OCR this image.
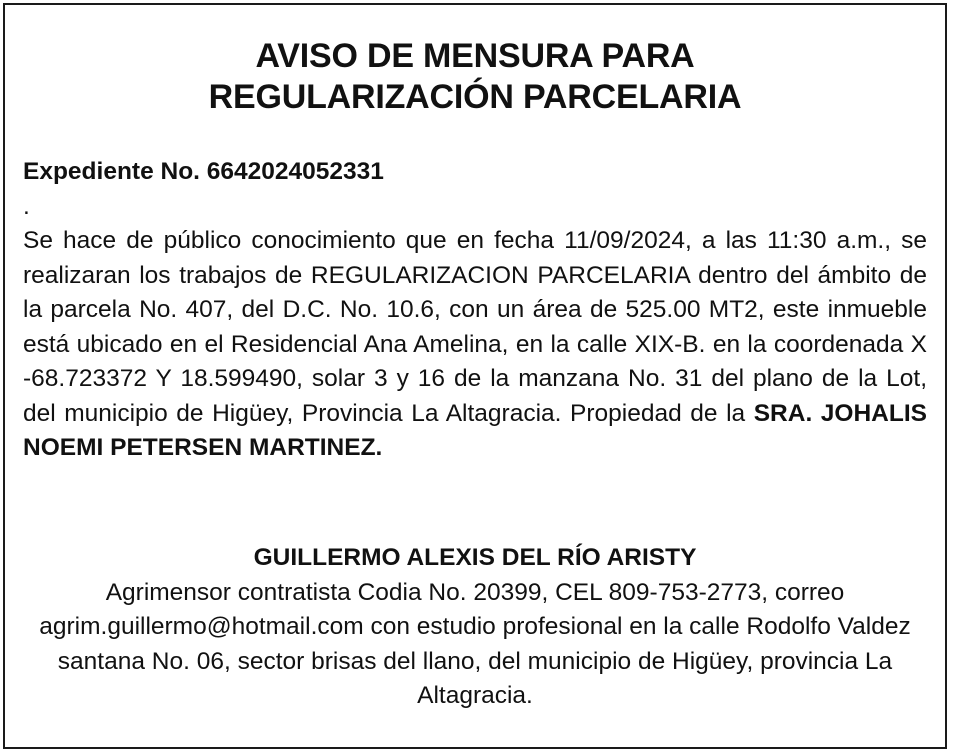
AVISO DE MENSURA PARA
REGULARIZACIÓN PARCELARIA
Expediente No. 6642024052331
.

Se hace de público conocimiento que en fecha 11/09/2024, a las 11:30 a.m., se realizaran los trabajos de REGULARIZACION PARCELARIA dentro del ámbito de la parcela No. 407, del D.C. No. 10.6, con un área de 525.00 MT2, este inmueble está ubicado en el Residencial Ana Amelina, en la calle XIX-B. en la coordenada X -68.723372 Y 18.599490, solar 3 y 16 de la manzana No. 31 del plano de la Lot, del municipio de Higüey, Provincia La Altagracia. Propiedad de la SRA. JOHALIS NOEMI PETERSEN MARTINEZ.

GUILLERMO ALEXIS DEL RÍO ARISTY
Agrimensor contratista Codia No. 20399, CEL 809-753-2773, correo agrim.guillermo@hotmail.com con estudio profesional en la calle Rodolfo Valdez santana No. 06, sector brisas del llano, del municipio de Higüey, provincia La Altagracia.
